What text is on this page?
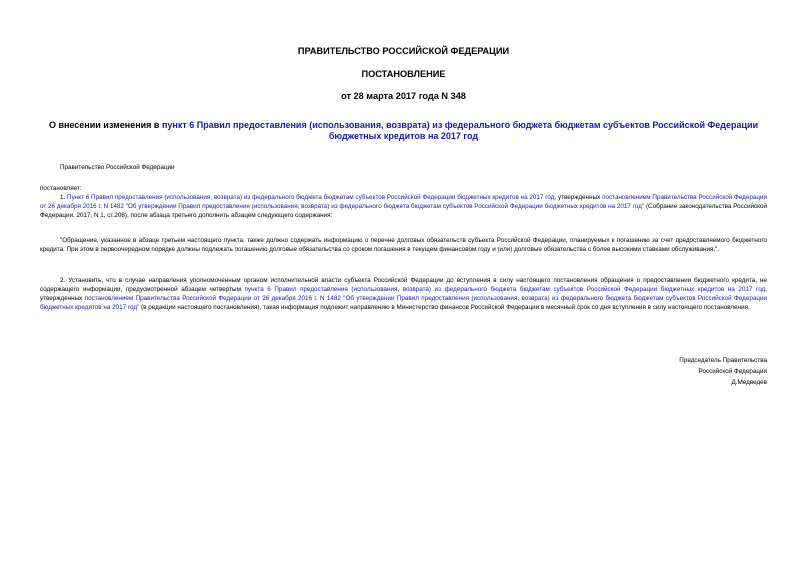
ПРАВИТЕЛЬСТВО РОССИЙСКОЙ ФЕДЕРАЦИИ
ПОСТАНОВЛЕНИЕ
от 28 марта 2017 года N 348
О внесении изменения в пункт 6 Правил предоставления (использования, возврата) из федерального бюджета бюджетам субъектов Российской Федерации бюджетных кредитов на 2017 год
Правительство Российской Федерации
постановляет:
1. Пункт 6 Правил предоставления (использования, возврата) из федерального бюджета бюджетам субъектов Российской Федерации бюджетных кредитов на 2017 год, утвержденных постановлением Правительства Российской Федерации от 26 декабря 2016 г. N 1482 "Об утверждении Правил предоставления (использования, возврата) из федерального бюджета бюджетам субъектов Российской Федерации бюджетных кредитов на 2017 год" (Собрание законодательства Российской Федерации, 2017, N 1, ст.208), после абзаца третьего дополнить абзацем следующего содержания:
"Обращение, указанное в абзаце третьем настоящего пункта, также должно содержать информацию о перечне долговых обязательств субъекта Российской Федерации, планируемых к погашению за счет предоставляемого бюджетного кредита. При этом в первоочередном порядке должны подлежать погашению долговые обязательства со сроком погашения в текущем финансовом году и (или) долговые обязательства с более высокими ставками обслуживания.".
2. Установить, что в случае направления уполномоченным органом исполнительной власти субъекта Российской Федерации до вступления в силу настоящего постановления обращения о предоставлении бюджетного кредита, не содержащего информации, предусмотренной абзацем четвертым пункта 6 Правил предоставления (использования, возврата) из федерального бюджета бюджетам субъектов Российской Федерации бюджетных кредитов на 2017 год, утвержденных постановлением Правительства Российской Федерации от 26 декабря 2016 г. N 1482 "Об утверждении Правил предоставления (использования, возврата) из федерального бюджета бюджетам субъектов Российской Федерации бюджетных кредитов на 2017 год" (в редакции настоящего постановления), такая информация подлежит направлению в Министерство финансов Российской Федерации в месячный срок со дня вступления в силу настоящего постановления.
Председатель Правительства
Российской Федерации
Д.Медведев
